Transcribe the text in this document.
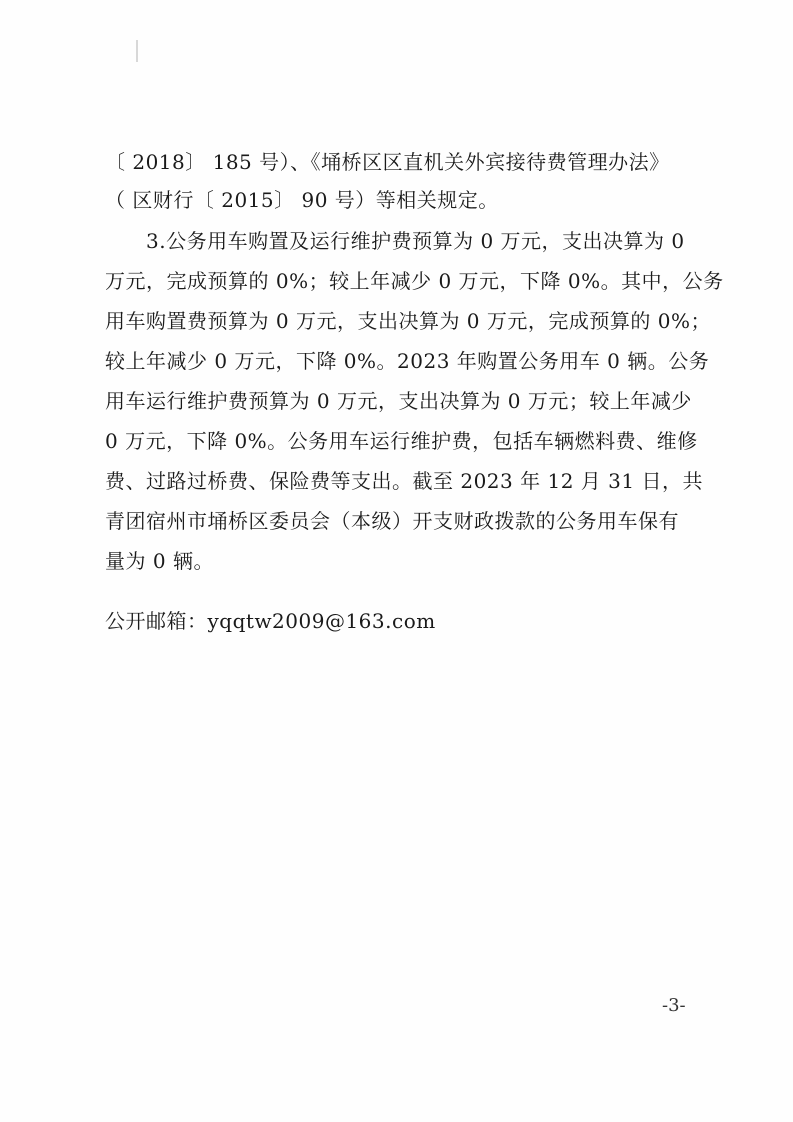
〔 2018〕 185 号）、《埇桥区区直机关外宾接待费管理办法》
（ 区财行〔 2015〕 90 号）等相关规定。
3.公务用车购置及运行维护费预算为 0 万元，支出决算为 0
万元，完成预算的 0%；较上年减少 0 万元，下降 0%。其中，公务
用车购置费预算为 0 万元，支出决算为 0 万元，完成预算的 0%；
较上年减少 0 万元，下降 0%。2023 年购置公务用车 0 辆。公务
用车运行维护费预算为 0 万元，支出决算为 0 万元；较上年减少
0 万元，下降 0%。公务用车运行维护费，包括车辆燃料费、维修
费、过路过桥费、保险费等支出。截至 2023 年 12 月 31 日，共
青团宿州市埇桥区委员会（本级）开支财政拨款的公务用车保有
量为 0 辆。
公开邮箱：yqqtw2009@163.com
-3-
